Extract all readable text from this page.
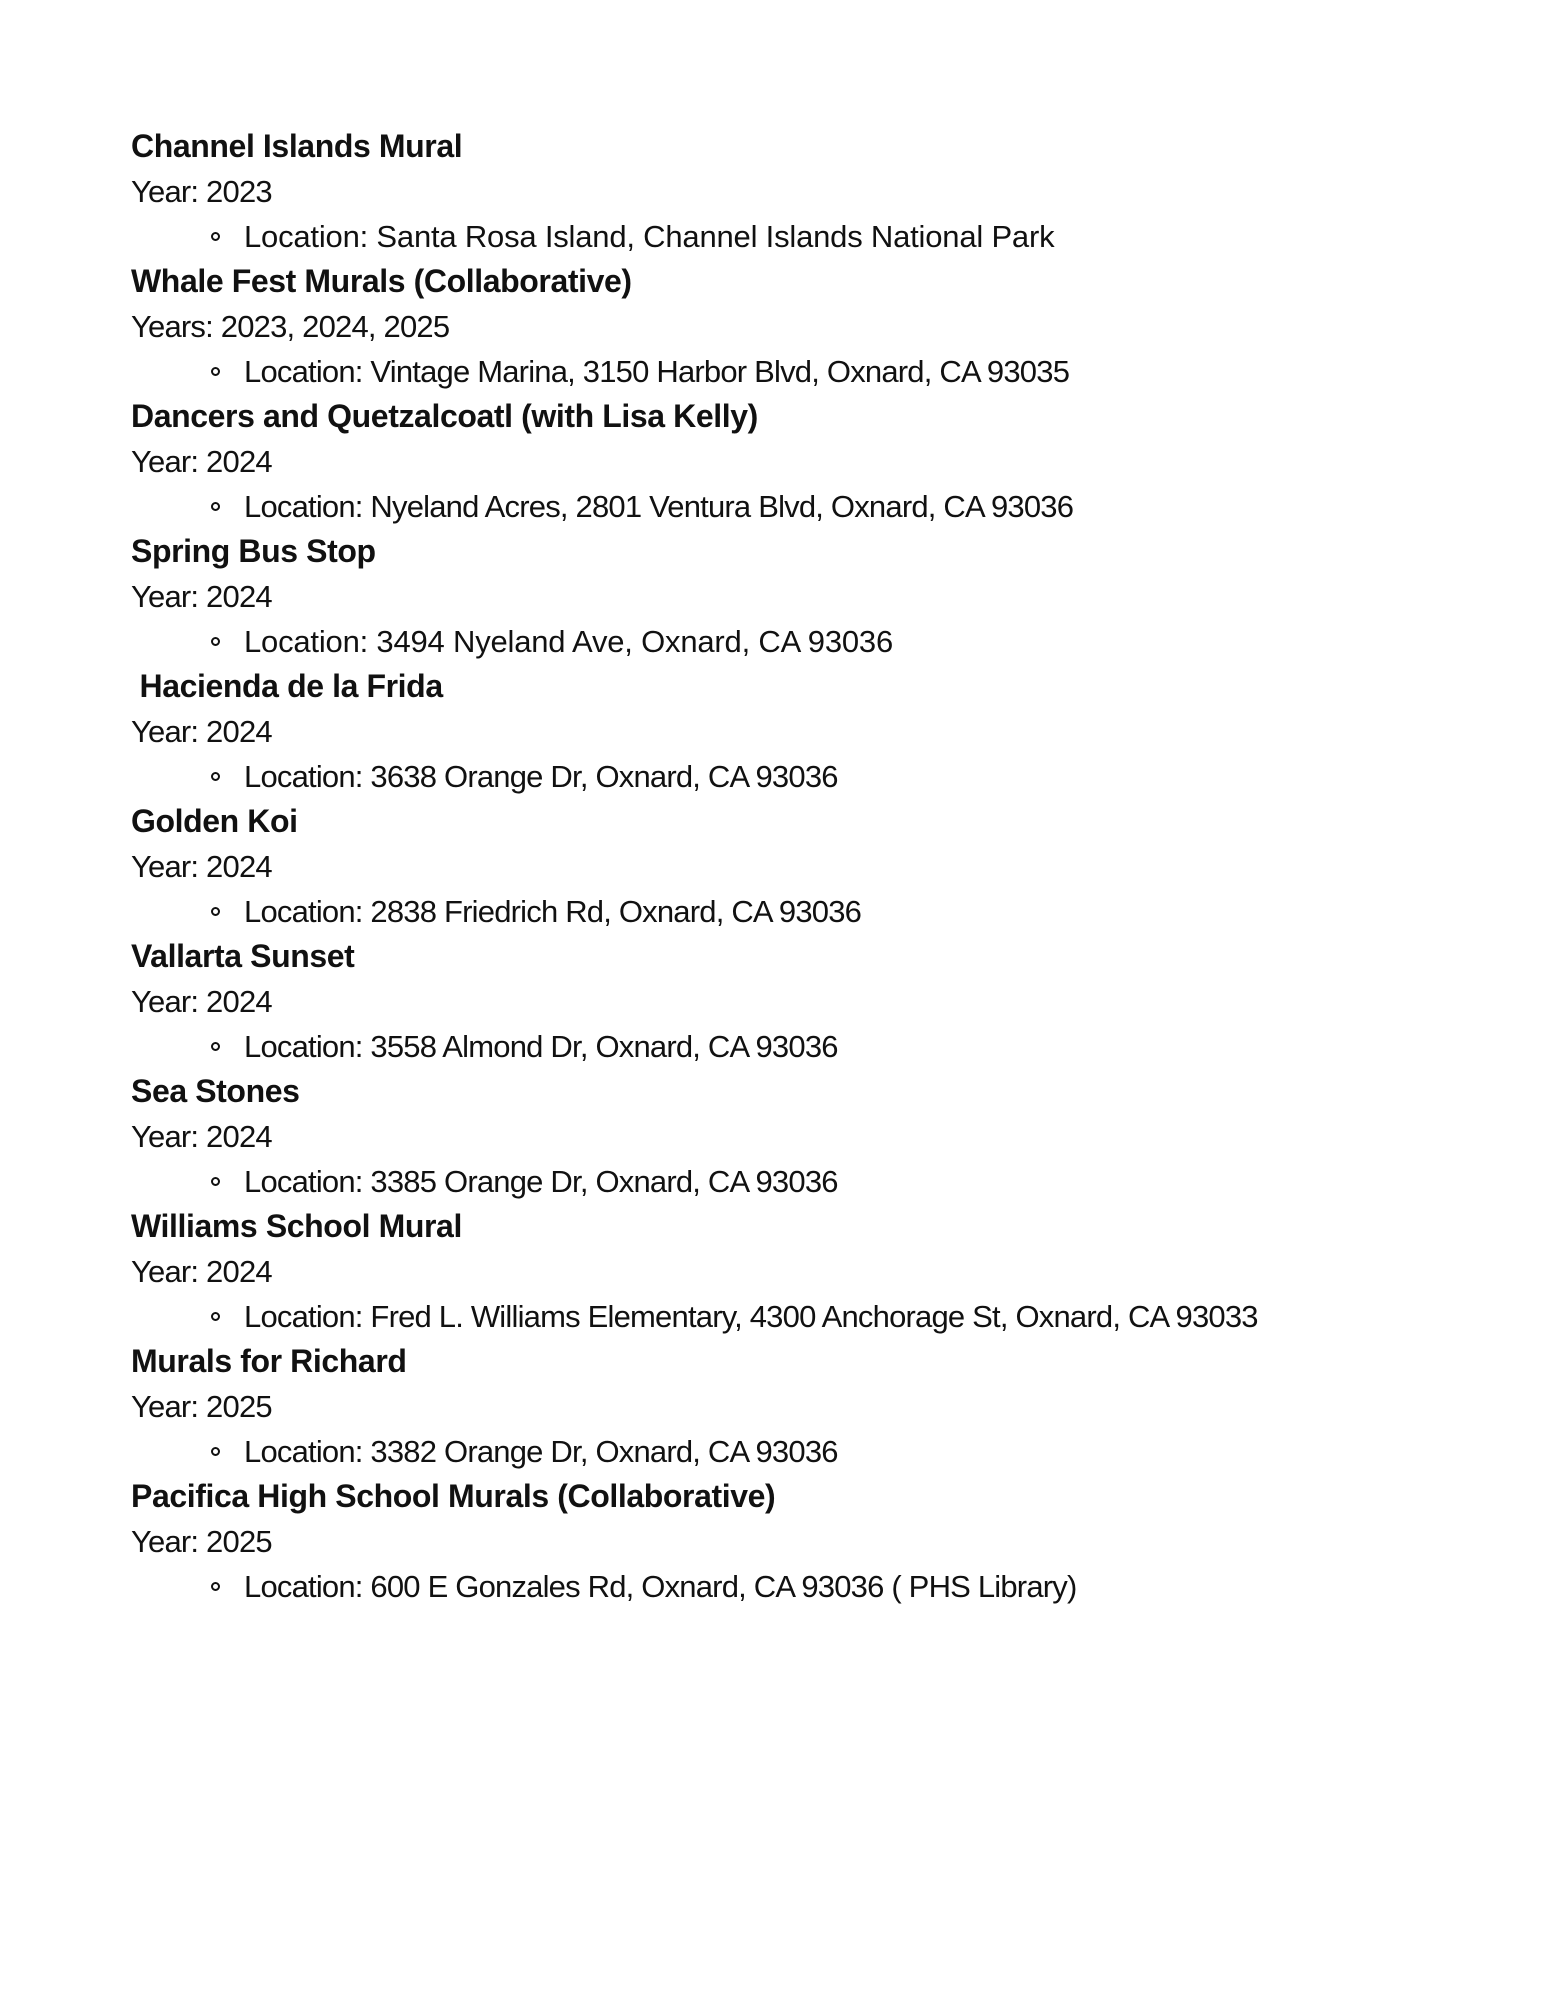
Channel Islands Mural
Year: 2023
Location: Santa Rosa Island, Channel Islands National Park
Whale Fest Murals (Collaborative)
Years: 2023, 2024, 2025
Location: Vintage Marina, 3150 Harbor Blvd, Oxnard, CA 93035
Dancers and Quetzalcoatl (with Lisa Kelly)
Year: 2024
Location: Nyeland Acres, 2801 Ventura Blvd, Oxnard, CA 93036
Spring Bus Stop
Year: 2024
Location: 3494 Nyeland Ave, Oxnard, CA 93036
Hacienda de la Frida
Year: 2024
Location: 3638 Orange Dr, Oxnard, CA 93036
Golden Koi
Year: 2024
Location: 2838 Friedrich Rd, Oxnard, CA 93036
Vallarta Sunset
Year: 2024
Location: 3558 Almond Dr, Oxnard, CA 93036
Sea Stones
Year: 2024
Location: 3385 Orange Dr, Oxnard, CA 93036
Williams School Mural
Year: 2024
Location: Fred L. Williams Elementary, 4300 Anchorage St, Oxnard, CA 93033
Murals for Richard
Year: 2025
Location: 3382 Orange Dr, Oxnard, CA 93036
Pacifica High School Murals (Collaborative)
Year: 2025
Location: 600 E Gonzales Rd, Oxnard, CA 93036 ( PHS Library)
